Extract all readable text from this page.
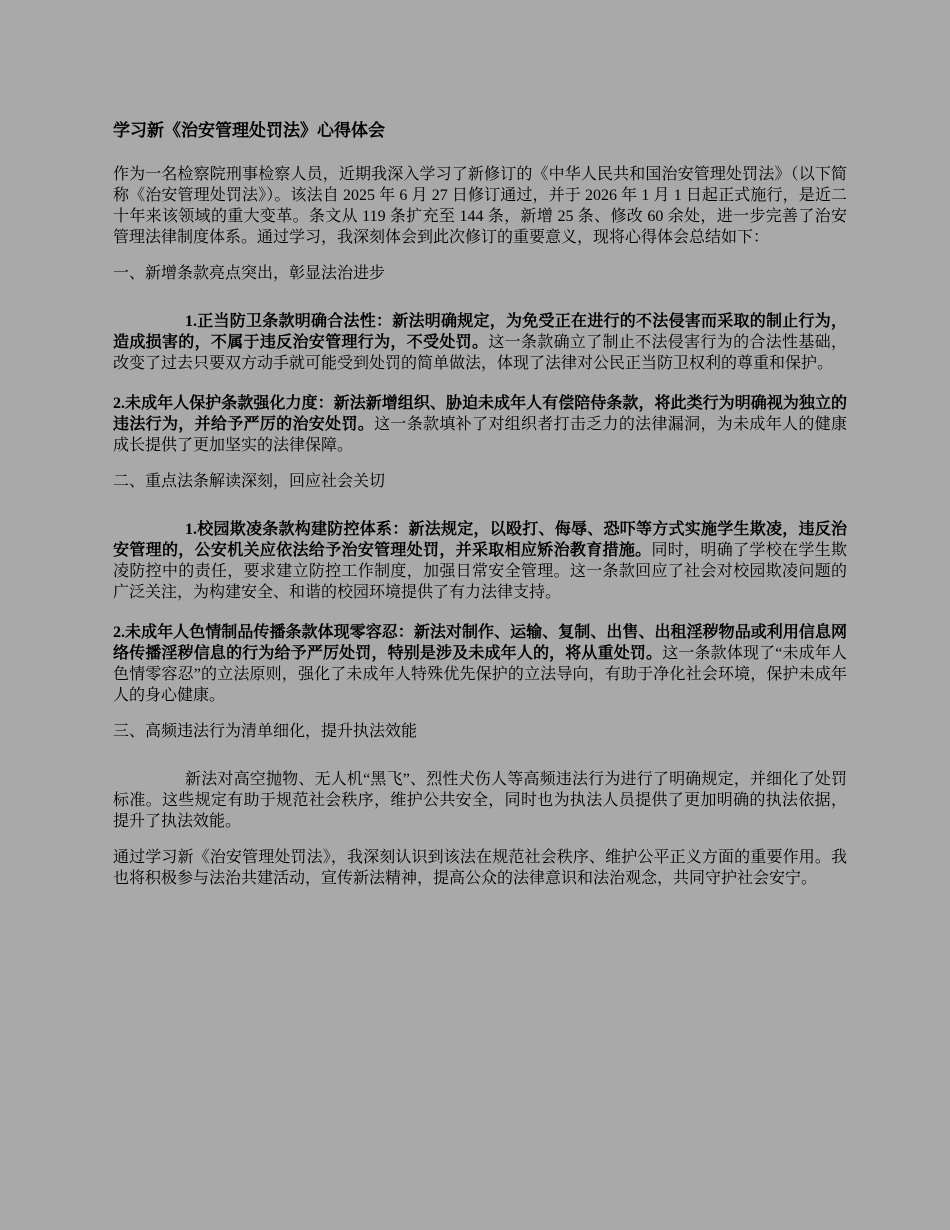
学习新《治安管理处罚法》心得体会

作为一名检察院刑事检察人员，近期我深入学习了新修订的《中华人民共和国治安管理处罚法》（以下简称《治安管理处罚法》）。该法自 2025 年 6 月 27 日修订通过，并于 2026 年 1 月 1 日起正式施行，是近二十年来该领域的重大变革。条文从 119 条扩充至 144 条，新增 25 条、修改 60 余处，进一步完善了治安管理法律制度体系。通过学习，我深刻体会到此次修订的重要意义，现将心得体会总结如下：

一、新增条款亮点突出，彰显法治进步

1.正当防卫条款明确合法性：新法明确规定，为免受正在进行的不法侵害而采取的制止行为，造成损害的，不属于违反治安管理行为，不受处罚。这一条款确立了制止不法侵害行为的合法性基础，改变了过去只要双方动手就可能受到处罚的简单做法，体现了法律对公民正当防卫权利的尊重和保护。

2.未成年人保护条款强化力度：新法新增组织、胁迫未成年人有偿陪侍条款，将此类行为明确视为独立的违法行为，并给予严厉的治安处罚。这一条款填补了对组织者打击乏力的法律漏洞，为未成年人的健康成长提供了更加坚实的法律保障。

二、重点法条解读深刻，回应社会关切

1.校园欺凌条款构建防控体系：新法规定，以殴打、侮辱、恐吓等方式实施学生欺凌，违反治安管理的，公安机关应依法给予治安管理处罚，并采取相应矫治教育措施。同时，明确了学校在学生欺凌防控中的责任，要求建立防控工作制度，加强日常安全管理。这一条款回应了社会对校园欺凌问题的广泛关注，为构建安全、和谐的校园环境提供了有力法律支持。

2.未成年人色情制品传播条款体现零容忍：新法对制作、运输、复制、出售、出租淫秽物品或利用信息网络传播淫秽信息的行为给予严厉处罚，特别是涉及未成年人的，将从重处罚。这一条款体现了“未成年人色情零容忍”的立法原则，强化了未成年人特殊优先保护的立法导向，有助于净化社会环境，保护未成年人的身心健康。

三、高频违法行为清单细化，提升执法效能

新法对高空抛物、无人机“黑飞”、烈性犬伤人等高频违法行为进行了明确规定，并细化了处罚标准。这些规定有助于规范社会秩序，维护公共安全，同时也为执法人员提供了更加明确的执法依据，提升了执法效能。

通过学习新《治安管理处罚法》，我深刻认识到该法在规范社会秩序、维护公平正义方面的重要作用。我也将积极参与法治共建活动，宣传新法精神，提高公众的法律意识和法治观念，共同守护社会安宁。
